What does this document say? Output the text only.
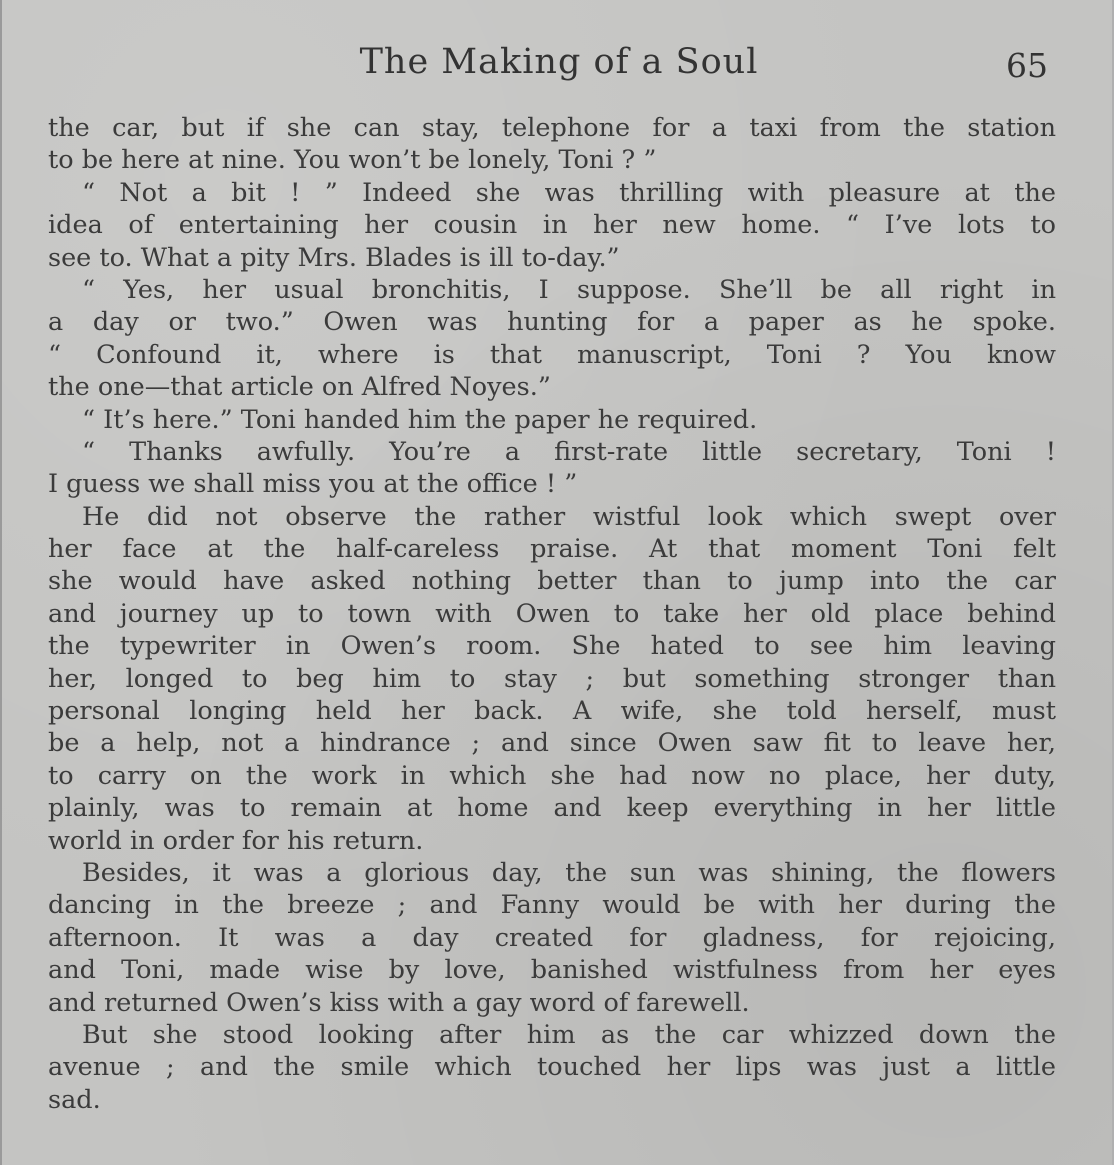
The Making of a Soul	65
the car, but if she can stay, telephone for a taxi from the station
to be here at nine. You won’t be lonely, Toni ? ”
“ Not a bit ! ” Indeed she was thrilling with pleasure at the
idea of entertaining her cousin in her new home. “ I’ve lots to
see to. What a pity Mrs. Blades is ill to-day.”
“ Yes, her usual bronchitis, I suppose. She’ll be all right in
a day or two.” Owen was hunting for a paper as he spoke.
“ Confound it, where is that manuscript, Toni ? You know
the one—that article on Alfred Noyes.”
“ It’s here.” Toni handed him the paper he required.
“ Thanks awfully. You’re a first-rate little secretary, Toni !
I guess we shall miss you at the office ! ”
He did not observe the rather wistful look which swept over
her face at the half-careless praise. At that moment Toni felt
she would have asked nothing better than to jump into the car
and journey up to town with Owen to take her old place behind
the typewriter in Owen’s room. She hated to see him leaving
her, longed to beg him to stay ; but something stronger than
personal longing held her back. A wife, she told herself, must
be a help, not a hindrance ; and since Owen saw fit to leave her,
to carry on the work in which she had now no place, her duty,
plainly, was to remain at home and keep everything in her little
world in order for his return.
Besides, it was a glorious day, the sun was shining, the flowers
dancing in the breeze ; and Fanny would be with her during the
afternoon. It was a day created for gladness, for rejoicing,
and Toni, made wise by love, banished wistfulness from her eyes
and returned Owen’s kiss with a gay word of farewell.
But she stood looking after him as the car whizzed down the
avenue ; and the smile which touched her lips was just a little
sad.
